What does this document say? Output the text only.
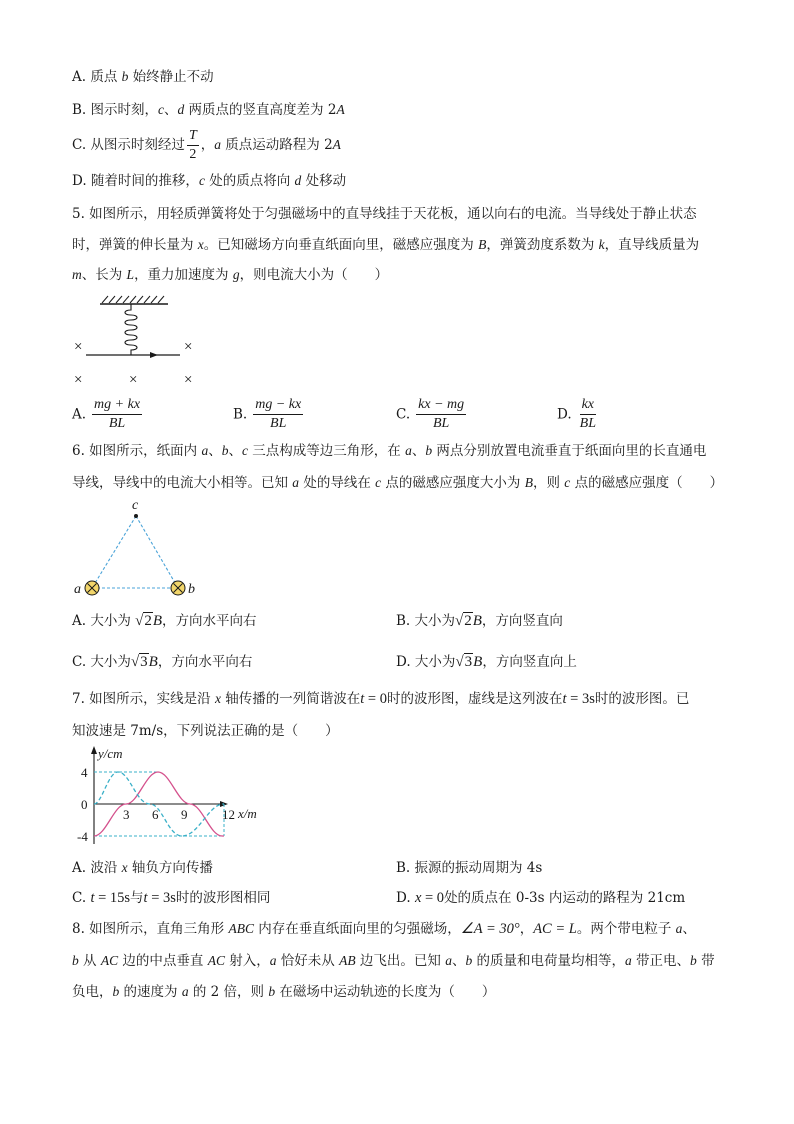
A. 质点 b 始终静止不动
B. 图示时刻，c、d 两质点的竖直高度差为 2A
C. 从图示时刻经过 $\frac{T}{2}$ ，a 质点运动路程为 2A
D. 随着时间的推移，c 处的质点将向 d 处移动
5. 如图所示，用轻质弹簧将处于匀强磁场中的直导线挂于天花板，通以向右的电流。当导线处于静止状态
时，弹簧的伸长量为 x。已知磁场方向垂直纸面向里，磁感应强度为 B，弹簧劲度系数为 k，直导线质量为
m、长为 L，重力加速度为 g，则电流大小为（　　）
×	×
×	×	×
A. $\frac{mg + kx}{BL}$	B. $\frac{mg - kx}{BL}$	C. $\frac{kx - mg}{BL}$	D. $\frac{kx}{BL}$
6. 如图所示，纸面内 a、b、c 三点构成等边三角形，在 a、b 两点分别放置电流垂直于纸面向里的长直通电
导线，导线中的电流大小相等。已知 a 处的导线在 c 点的磁感应强度大小为 B，则 c 点的磁感应强度（　　）
c
a	b
A. 大小为 √2B，方向水平向右	B. 大小为√2B，方向竖直向
C. 大小为√3B，方向水平向右	D. 大小为√3B，方向竖直向上
7. 如图所示，实线是沿 x 轴传播的一列简谐波在t = 0时的波形图，虚线是这列波在t = 3s时的波形图。已
知波速是 7m/s，下列说法正确的是（　　）
y/cm
x/m
4
0
-4
3 6 9	12
A. 波沿 x 轴负方向传播	B. 振源的振动周期为 4s
C. t = 15s与t = 3s时的波形图相同	D. x = 0处的质点在 0-3s 内运动的路程为 21cm
8. 如图所示，直角三角形 ABC 内存在垂直纸面向里的匀强磁场，∠A = 30°，AC = L。两个带电粒子 a、
b 从 AC 边的中点垂直 AC 射入，a 恰好未从 AB 边飞出。已知 a、b 的质量和电荷量均相等，a 带正电、b 带
负电，b 的速度为 a 的 2 倍，则 b 在磁场中运动轨迹的长度为（　　）
